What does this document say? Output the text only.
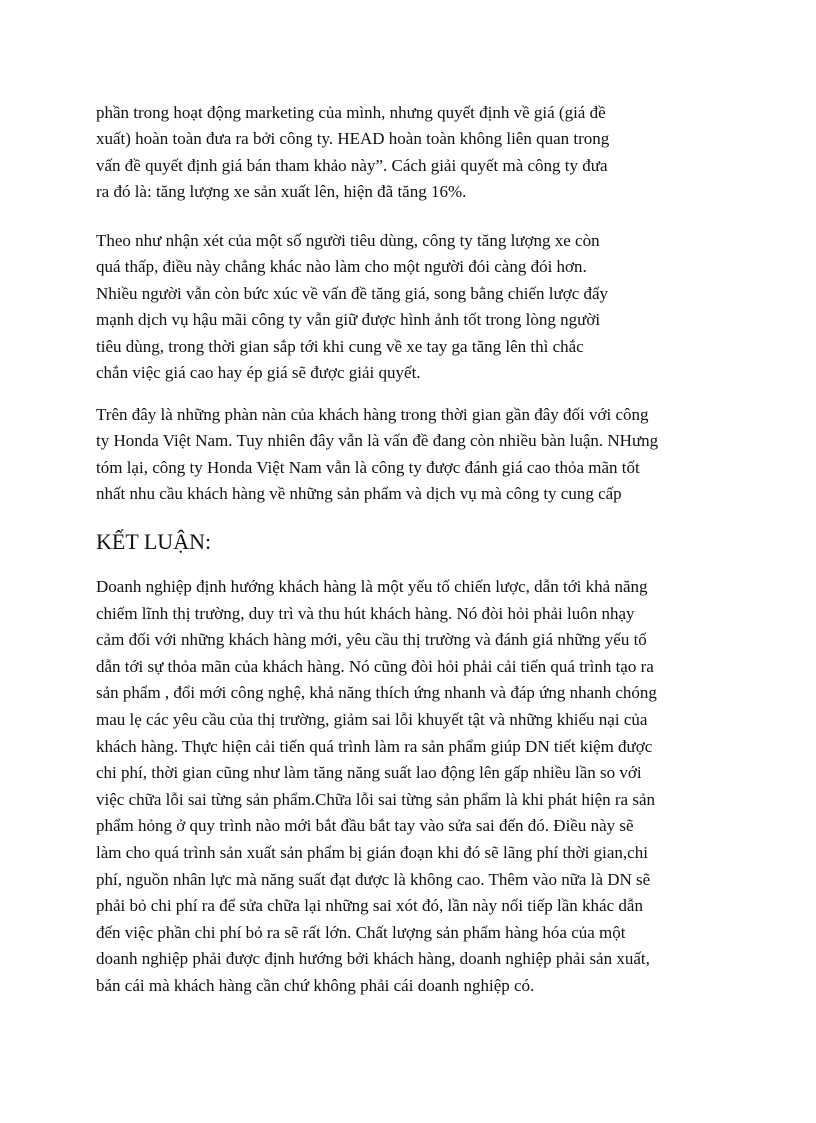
phần trong hoạt động marketing của mình, nhưng quyết định về giá (giá đề
xuất) hoàn toàn đưa ra bởi công ty. HEAD hoàn toàn không liên quan trong
vấn đề quyết định giá bán tham khảo này”. Cách giải quyết mà công ty đưa
ra đó là: tăng lượng xe sản xuất lên, hiện đã tăng 16%.
Theo như nhận xét của một số người tiêu dùng, công ty tăng lượng xe còn
quá thấp, điều này chẳng khác nào làm cho một người đói càng đói hơn.
Nhiều người vẫn còn bức xúc về vấn đề tăng giá, song bằng chiến lược đẩy
mạnh dịch vụ hậu mãi công ty vẫn giữ được hình ảnh tốt trong lòng người
tiêu dùng, trong thời gian sắp tới khi cung về xe tay ga tăng lên thì chắc
chắn việc giá cao hay ép giá sẽ được giải quyết.
Trên đây là những phàn nàn của khách hàng trong thời gian gần đây đối với công
ty Honda Việt Nam. Tuy nhiên đây vẫn là vấn đề đang còn nhiều bàn luận. NHưng
tóm lại, công ty Honda Việt Nam vẫn là công ty được đánh giá cao thỏa mãn tốt
nhất nhu cầu khách hàng về những sản phẩm và dịch vụ mà công ty cung cấp
KẾT LUẬN:
Doanh nghiệp định hướng khách hàng là một yếu tố chiến lược, dẫn tới khả năng
chiếm lĩnh thị trường, duy trì và thu hút khách hàng. Nó đòi hỏi phải luôn nhạy
cảm đối với những khách hàng mới, yêu cầu thị trường và đánh giá những yếu tố
dẫn tới sự thỏa mãn của khách hàng. Nó cũng đòi hỏi phải cải tiến quá trình tạo ra
sản phẩm , đổi mới công nghệ, khả năng thích ứng nhanh và đáp ứng nhanh chóng
mau lẹ các yêu cầu của thị trường, giảm sai lỗi khuyết tật và những khiếu nại của
khách hàng. Thực hiện cải tiến quá trình làm ra sản phẩm giúp DN tiết kiệm được
chi phí, thời gian cũng như làm tăng năng suất lao động lên gấp nhiều lần so với
việc chữa lỗi sai từng sản phẩm.Chữa lỗi sai từng sản phẩm là khi phát hiện ra sản
phẩm hỏng ở quy trình nào mới bắt đầu bắt tay vào sửa sai đến đó. Điều này sẽ
làm cho quá trình sản xuất sản phẩm bị gián đoạn khi đó sẽ lãng phí thời gian,chi
phí, nguồn nhân lực mà năng suất đạt được là không cao. Thêm vào nữa là DN sẽ
phải bỏ chi phí ra để sửa chữa lại những sai xót đó, lần này nối tiếp lần khác dẫn
đến việc phần chi phí bỏ ra sẽ rất lớn. Chất lượng sản phẩm hàng hóa của một
doanh nghiệp phải được định hướng bởi khách hàng, doanh nghiệp phải sản xuất,
bán cái mà khách hàng cần chứ không phải cái doanh nghiệp có.
